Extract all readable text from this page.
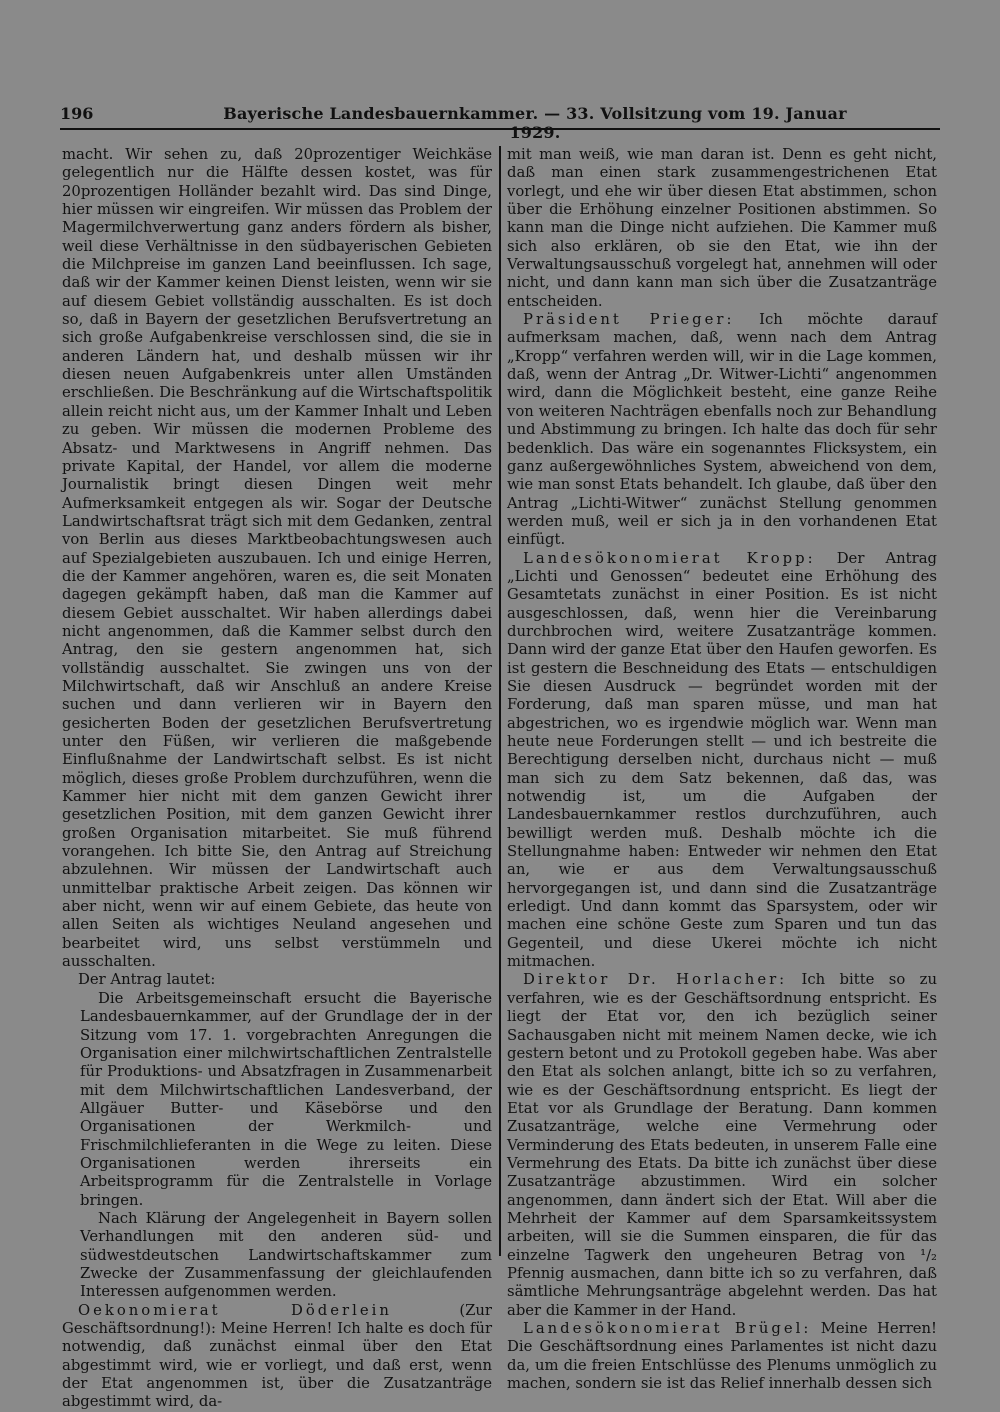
196	Bayerische Landesbauernkammer. — 33. Vollsitzung vom 19. Januar 1929.

macht. Wir sehen zu, daß 20prozentiger Weichkäse gelegentlich nur die Hälfte dessen kostet, was für 20prozentigen Holländer bezahlt wird. Das sind Dinge, hier müssen wir eingreifen. Wir müssen das Problem der Magermilchverwertung ganz anders fördern als bisher, weil diese Verhältnisse in den südbayerischen Gebieten die Milchpreise im ganzen Land beeinflussen. Ich sage, daß wir der Kammer keinen Dienst leisten, wenn wir sie auf diesem Gebiet vollständig ausschalten. Es ist doch so, daß in Bayern der gesetzlichen Berufsvertretung an sich große Aufgabenkreise verschlossen sind, die sie in anderen Ländern hat, und deshalb müssen wir ihr diesen neuen Aufgabenkreis unter allen Umständen erschließen. Die Beschränkung auf die Wirtschaftspolitik allein reicht nicht aus, um der Kammer Inhalt und Leben zu geben. Wir müssen die modernen Probleme des Absatz- und Marktwesens in Angriff nehmen. Das private Kapital, der Handel, vor allem die moderne Journalistik bringt diesen Dingen weit mehr Aufmerksamkeit entgegen als wir. Sogar der Deutsche Landwirtschaftsrat trägt sich mit dem Gedanken, zentral von Berlin aus dieses Marktbeobachtungswesen auch auf Spezialgebieten auszubauen. Ich und einige Herren, die der Kammer angehören, waren es, die seit Monaten dagegen gekämpft haben, daß man die Kammer auf diesem Gebiet ausschaltet. Wir haben allerdings dabei nicht angenommen, daß die Kammer selbst durch den Antrag, den sie gestern angenommen hat, sich vollständig ausschaltet. Sie zwingen uns von der Milchwirtschaft, daß wir Anschluß an andere Kreise suchen und dann verlieren wir in Bayern den gesicherten Boden der gesetzlichen Berufsvertretung unter den Füßen, wir verlieren die maßgebende Einflußnahme der Landwirtschaft selbst. Es ist nicht möglich, dieses große Problem durchzuführen, wenn die Kammer hier nicht mit dem ganzen Gewicht ihrer gesetzlichen Position, mit dem ganzen Gewicht ihrer großen Organisation mitarbeitet. Sie muß führend vorangehen. Ich bitte Sie, den Antrag auf Streichung abzulehnen. Wir müssen der Landwirtschaft auch unmittelbar praktische Arbeit zeigen. Das können wir aber nicht, wenn wir auf einem Gebiete, das heute von allen Seiten als wichtiges Neuland angesehen und bearbeitet wird, uns selbst verstümmeln und ausschalten.

Der Antrag lautet:

Die Arbeitsgemeinschaft ersucht die Bayerische Landesbauernkammer, auf der Grundlage der in der Sitzung vom 17. 1. vorgebrachten Anregungen die Organisation einer milchwirtschaftlichen Zentralstelle für Produktions- und Absatzfragen in Zusammenarbeit mit dem Milchwirtschaftlichen Landesverband, der Allgäuer Butter- und Käsebörse und den Organisationen der Werkmilch- und Frischmilchlieferanten in die Wege zu leiten. Diese Organisationen werden ihrerseits ein Arbeitsprogramm für die Zentralstelle in Vorlage bringen.

Nach Klärung der Angelegenheit in Bayern sollen Verhandlungen mit den anderen süd- und südwestdeutschen Landwirtschaftskammer zum Zwecke der Zusammenfassung der gleichlaufenden Interessen aufgenommen werden.

Oekonomierat Döderlein (Zur Geschäftsordnung!): Meine Herren! Ich halte es doch für notwendig, daß zunächst einmal über den Etat abgestimmt wird, wie er vorliegt, und daß erst, wenn der Etat angenommen ist, über die Zusatzanträge abgestimmt wird, da-

mit man weiß, wie man daran ist. Denn es geht nicht, daß man einen stark zusammengestrichenen Etat vorlegt, und ehe wir über diesen Etat abstimmen, schon über die Erhöhung einzelner Positionen abstimmen. So kann man die Dinge nicht aufziehen. Die Kammer muß sich also erklären, ob sie den Etat, wie ihn der Verwaltungsausschuß vorgelegt hat, annehmen will oder nicht, und dann kann man sich über die Zusatzanträge entscheiden.

Präsident Prieger: Ich möchte darauf aufmerksam machen, daß, wenn nach dem Antrag „Kropp“ verfahren werden will, wir in die Lage kommen, daß, wenn der Antrag „Dr. Witwer-Lichti“ angenommen wird, dann die Möglichkeit besteht, eine ganze Reihe von weiteren Nachträgen ebenfalls noch zur Behandlung und Abstimmung zu bringen. Ich halte das doch für sehr bedenklich. Das wäre ein sogenanntes Flicksystem, ein ganz außergewöhnliches System, abweichend von dem, wie man sonst Etats behandelt. Ich glaube, daß über den Antrag „Lichti-Witwer“ zunächst Stellung genommen werden muß, weil er sich ja in den vorhandenen Etat einfügt.

Landesökonomierat Kropp: Der Antrag „Lichti und Genossen“ bedeutet eine Erhöhung des Gesamtetats zunächst in einer Position. Es ist nicht ausgeschlossen, daß, wenn hier die Vereinbarung durchbrochen wird, weitere Zusatzanträge kommen. Dann wird der ganze Etat über den Haufen geworfen. Es ist gestern die Beschneidung des Etats — entschuldigen Sie diesen Ausdruck — begründet worden mit der Forderung, daß man sparen müsse, und man hat abgestrichen, wo es irgendwie möglich war. Wenn man heute neue Forderungen stellt — und ich bestreite die Berechtigung derselben nicht, durchaus nicht — muß man sich zu dem Satz bekennen, daß das, was notwendig ist, um die Aufgaben der Landesbauernkammer restlos durchzuführen, auch bewilligt werden muß. Deshalb möchte ich die Stellungnahme haben: Entweder wir nehmen den Etat an, wie er aus dem Verwaltungsausschuß hervorgegangen ist, und dann sind die Zusatzanträge erledigt. Und dann kommt das Sparsystem, oder wir machen eine schöne Geste zum Sparen und tun das Gegenteil, und diese Ukerei möchte ich nicht mitmachen.

Direktor Dr. Horlacher: Ich bitte so zu verfahren, wie es der Geschäftsordnung entspricht. Es liegt der Etat vor, den ich bezüglich seiner Sachausgaben nicht mit meinem Namen decke, wie ich gestern betont und zu Protokoll gegeben habe. Was aber den Etat als solchen anlangt, bitte ich so zu verfahren, wie es der Geschäftsordnung entspricht. Es liegt der Etat vor als Grundlage der Beratung. Dann kommen Zusatzanträge, welche eine Vermehrung oder Verminderung des Etats bedeuten, in unserem Falle eine Vermehrung des Etats. Da bitte ich zunächst über diese Zusatzanträge abzustimmen. Wird ein solcher angenommen, dann ändert sich der Etat. Will aber die Mehrheit der Kammer auf dem Sparsamkeitssystem arbeiten, will sie die Summen einsparen, die für das einzelne Tagwerk den ungeheuren Betrag von ¹/₂ Pfennig ausmachen, dann bitte ich so zu verfahren, daß sämtliche Mehrungsanträge abgelehnt werden. Das hat aber die Kammer in der Hand.

Landesökonomierat Brügel: Meine Herren! Die Geschäftsordnung eines Parlamentes ist nicht dazu da, um die freien Entschlüsse des Plenums unmöglich zu machen, sondern sie ist das Relief innerhalb dessen sich
